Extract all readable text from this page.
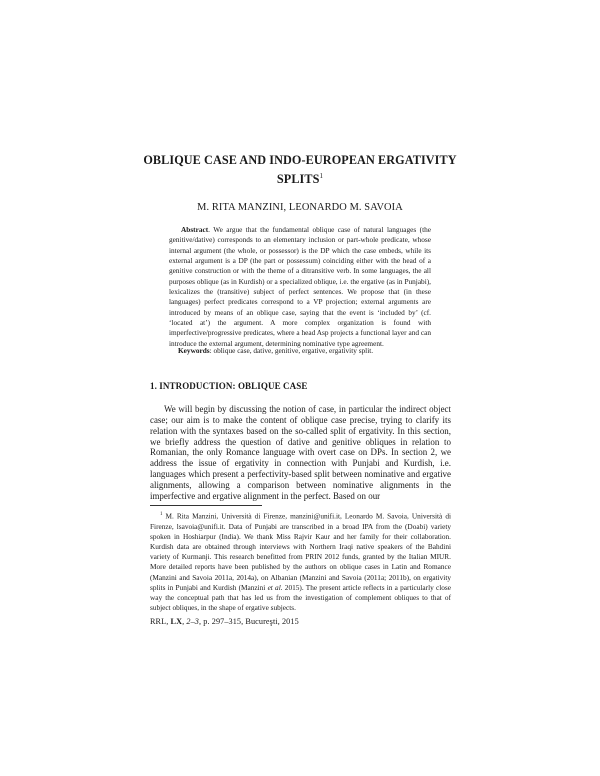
OBLIQUE CASE AND INDO-EUROPEAN ERGATIVITY
SPLITS$^1$
M. RITA MANZINI, LEONARDO M. SAVOIA

Abstract. We argue that the fundamental oblique case of natural languages (the genitive/dative) corresponds to an elementary inclusion or part-whole predicate, whose internal argument (the whole, or possessor) is the DP which the case embeds, while its external argument is a DP (the part or possessum) coinciding either with the head of a genitive construction or with the theme of a ditransitive verb. In some languages, the all purposes oblique (as in Kurdish) or a specialized oblique, i.e. the ergative (as in Punjabi), lexicalizes the (transitive) subject of perfect sentences. We propose that (in these languages) perfect predicates correspond to a VP projection; external arguments are introduced by means of an oblique case, saying that the event is ‘included by’ (cf. ‘located at’) the argument. A more complex organization is found with imperfective/progressive predicates, where a head Asp projects a functional layer and can introduce the external argument, determining nominative type agreement.

Keywords: oblique case, dative, genitive, ergative, ergativity split.

1. INTRODUCTION: OBLIQUE CASE

We will begin by discussing the notion of case, in particular the indirect object case; our aim is to make the content of oblique case precise, trying to clarify its relation with the syntaxes based on the so-called split of ergativity. In this section, we briefly address the question of dative and genitive obliques in relation to Romanian, the only Romance language with overt case on DPs. In section 2, we address the issue of ergativity in connection with Punjabi and Kurdish, i.e. languages which present a perfectivity-based split between nominative and ergative alignments, allowing a comparison between nominative alignments in the imperfective and ergative alignment in the perfect. Based on our

$^1$ M. Rita Manzini, Università di Firenze, manzini@unifi.it, Leonardo M. Savoia, Università di Firenze, lsavoia@unifi.it. Data of Punjabi are transcribed in a broad IPA from the (Doabi) variety spoken in Hoshiarpur (India). We thank Miss Rajvir Kaur and her family for their collaboration. Kurdish data are obtained through interviews with Northern Iraqi native speakers of the Bahdini variety of Kurmanji. This research benefitted from PRIN 2012 funds, granted by the Italian MIUR. More detailed reports have been published by the authors on oblique cases in Latin and Romance (Manzini and Savoia 2011a, 2014a), on Albanian (Manzini and Savoia (2011a; 2011b), on ergativity splits in Punjabi and Kurdish (Manzini et al. 2015). The present article reflects in a particularly close way the conceptual path that has led us from the investigation of complement obliques to that of subject obliques, in the shape of ergative subjects.

RRL, LX, 2–3, p. 297–315, Bucureşti, 2015
